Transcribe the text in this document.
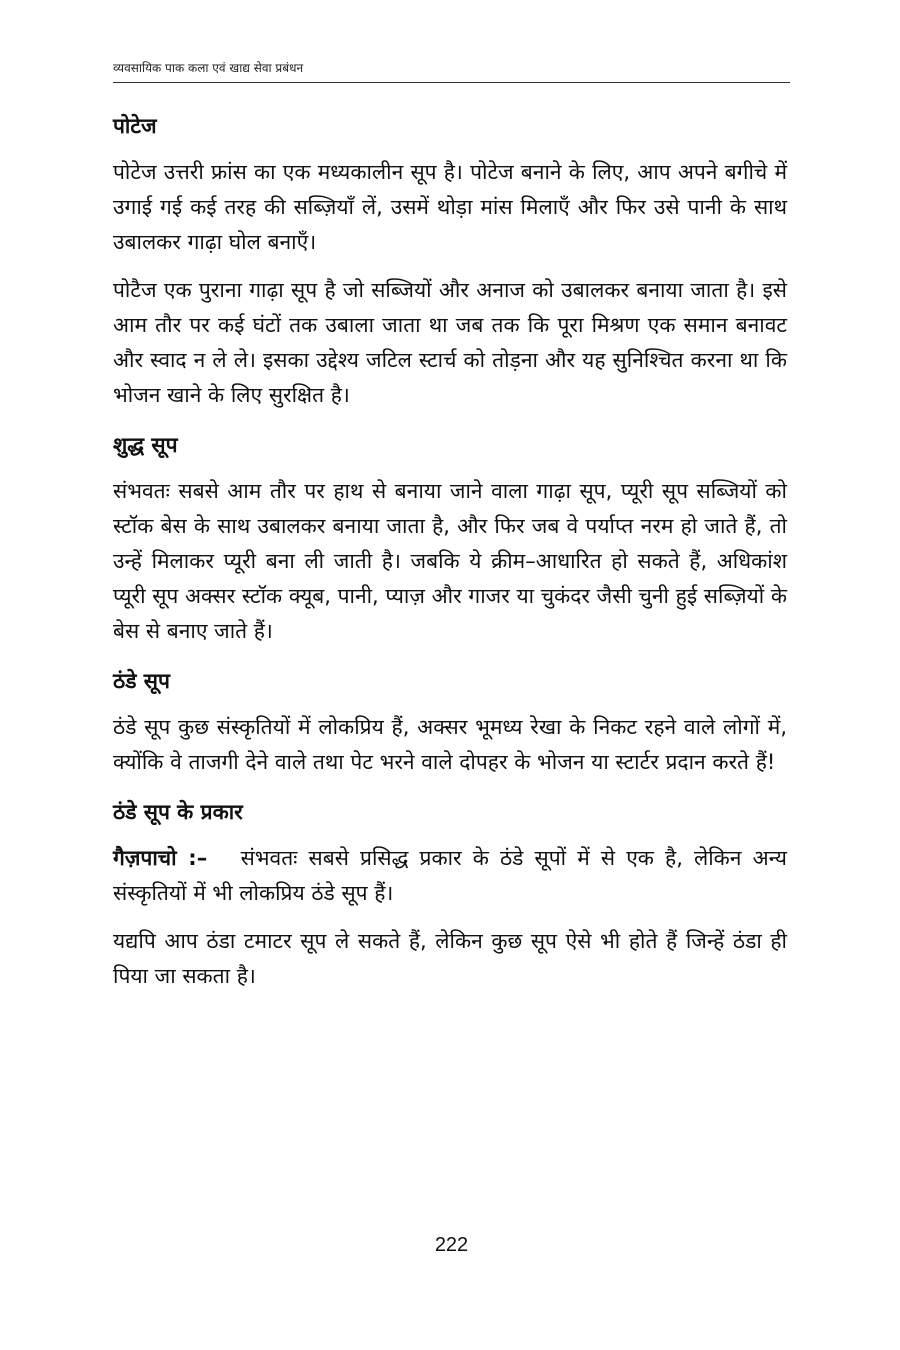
व्यवसायिक पाक कला एवं खाद्य सेवा प्रबंधन
पोटेज

पोटेज उत्तरी फ्रांस का एक मध्यकालीन सूप है। पोटेज बनाने के लिए, आप अपने बगीचे में उगाई गई कई तरह की सब्ज़ियाँ लें, उसमें थोड़ा मांस मिलाएँ और फिर उसे पानी के साथ उबालकर गाढ़ा घोल बनाएँ।

पोटैज एक पुराना गाढ़ा सूप है जो सब्जियों और अनाज को उबालकर बनाया जाता है। इसे आम तौर पर कई घंटों तक उबाला जाता था जब तक कि पूरा मिश्रण एक समान बनावट और स्वाद न ले ले। इसका उद्देश्य जटिल स्टार्च को तोड़ना और यह सुनिश्चित करना था कि भोजन खाने के लिए सुरक्षित है।

शुद्ध सूप

संभवतः सबसे आम तौर पर हाथ से बनाया जाने वाला गाढ़ा सूप, प्यूरी सूप सब्जियों को स्टॉक बेस के साथ उबालकर बनाया जाता है, और फिर जब वे पर्याप्त नरम हो जाते हैं, तो उन्हें मिलाकर प्यूरी बना ली जाती है। जबकि ये क्रीम–आधारित हो सकते हैं, अधिकांश प्यूरी सूप अक्सर स्टॉक क्यूब, पानी, प्याज़ और गाजर या चुकंदर जैसी चुनी हुई सब्ज़ियों के बेस से बनाए जाते हैं।

ठंडे सूप

ठंडे सूप कुछ संस्कृतियों में लोकप्रिय हैं, अक्सर भूमध्य रेखा के निकट रहने वाले लोगों में, क्योंकि वे ताजगी देने वाले तथा पेट भरने वाले दोपहर के भोजन या स्टार्टर प्रदान करते हैं!

ठंडे सूप के प्रकार

गैज़पाचो :– संभवतः सबसे प्रसिद्ध प्रकार के ठंडे सूपों में से एक है, लेकिन अन्य संस्कृतियों में भी लोकप्रिय ठंडे सूप हैं।

यद्यपि आप ठंडा टमाटर सूप ले सकते हैं, लेकिन कुछ सूप ऐसे भी होते हैं जिन्हें ठंडा ही पिया जा सकता है।

222
